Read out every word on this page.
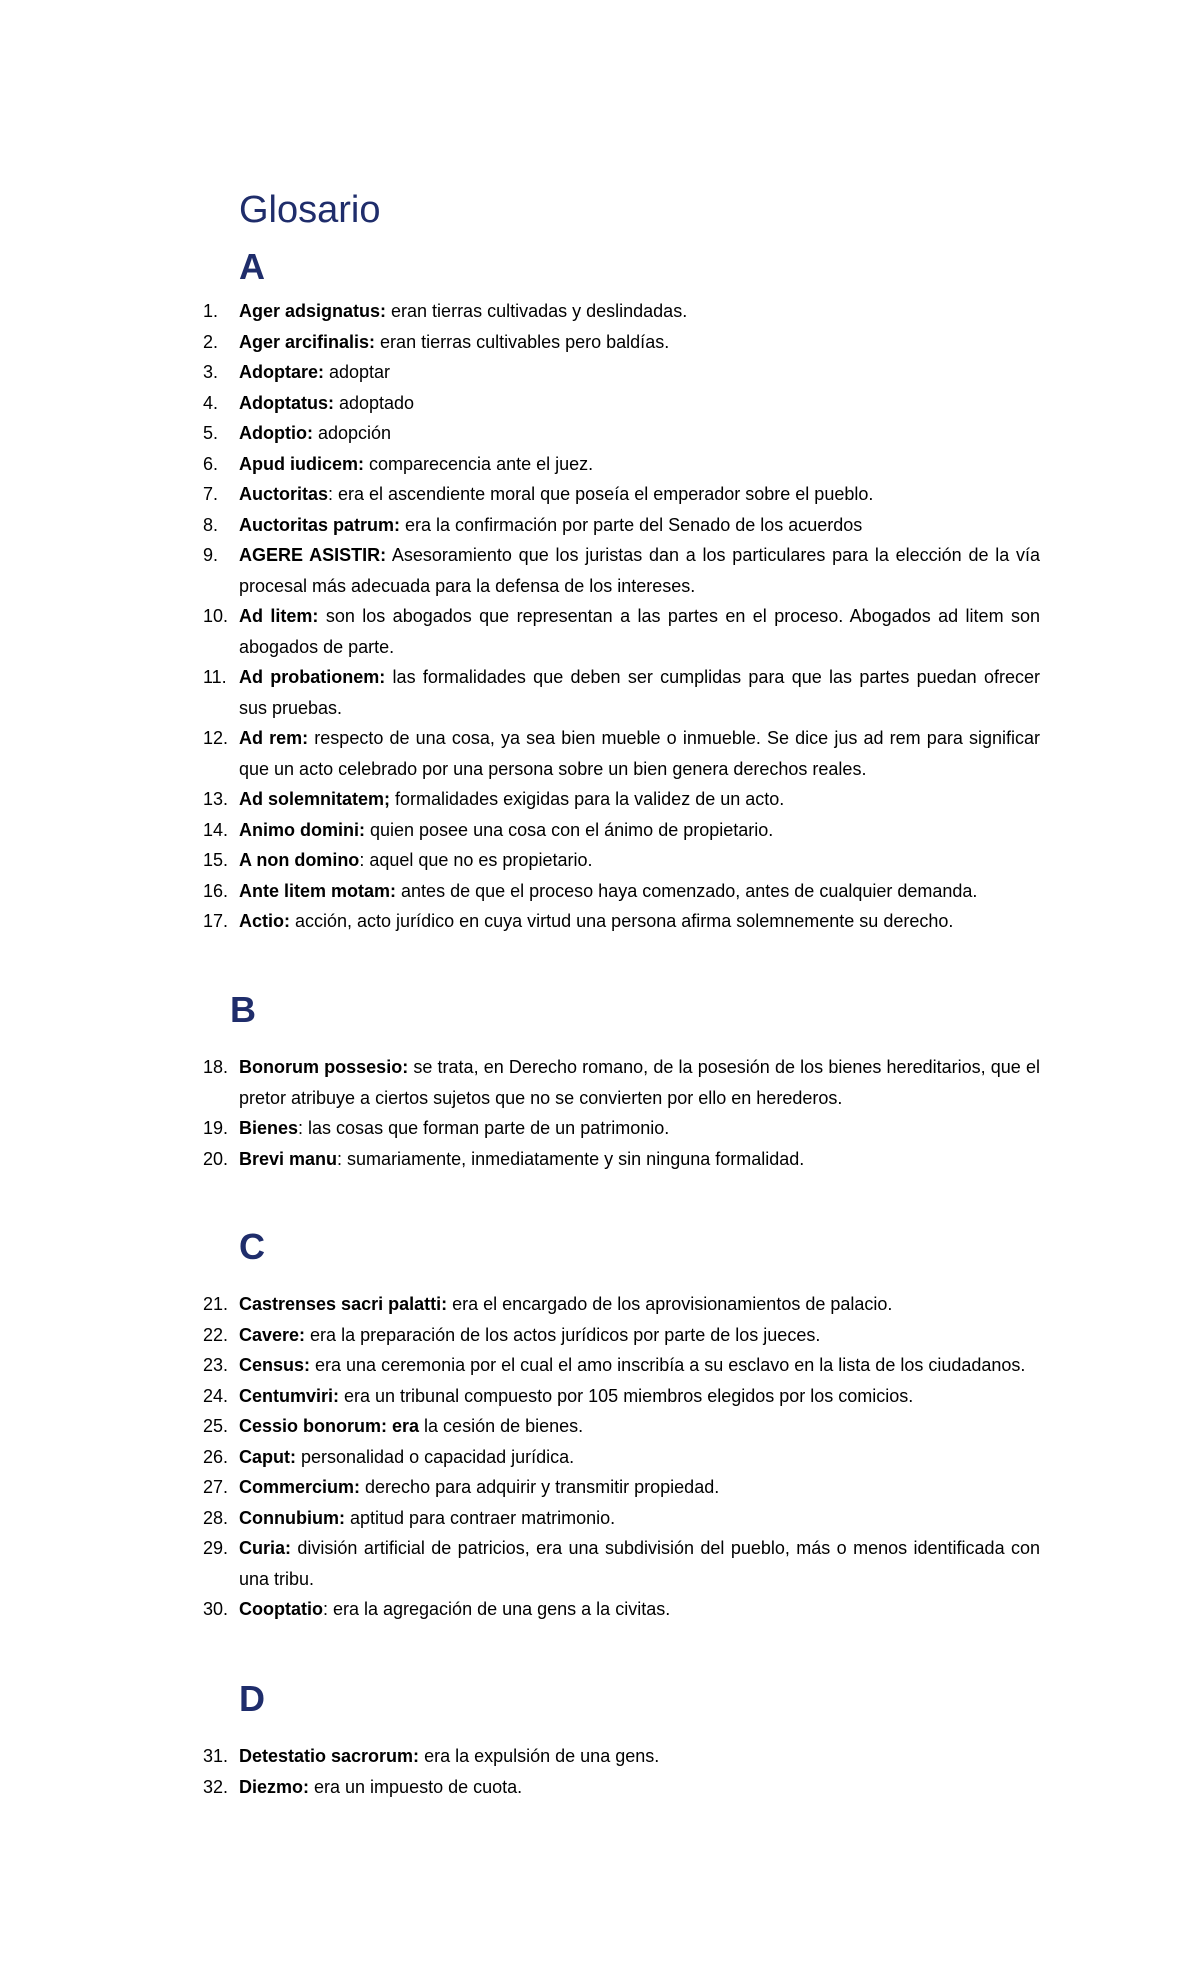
Glosario
A
1.	Ager adsignatus: eran tierras cultivadas y deslindadas.
2.	Ager arcifinalis: eran tierras cultivables pero baldías.
3.	Adoptare: adoptar
4.	Adoptatus: adoptado
5.	Adoptio: adopción
6.	Apud iudicem: comparecencia ante el juez.
7.	Auctoritas: era el ascendiente moral que poseía el emperador sobre el pueblo.
8.	Auctoritas patrum: era la confirmación por parte del Senado de los acuerdos
9.	AGERE ASISTIR: Asesoramiento que los juristas dan a los particulares para la elección de la vía procesal más adecuada para la defensa de los intereses.
10. Ad litem: son los abogados que representan a las partes en el proceso. Abogados ad litem son abogados de parte.
11. Ad probationem: las formalidades que deben ser cumplidas para que las partes puedan ofrecer sus pruebas.
12. Ad rem: respecto de una cosa, ya sea bien mueble o inmueble. Se dice jus ad rem para significar que un acto celebrado por una persona sobre un bien genera derechos reales.
13. Ad solemnitatem; formalidades exigidas para la validez de un acto.
14. Animo domini: quien posee una cosa con el ánimo de propietario.
15. A non domino: aquel que no es propietario.
16. Ante litem motam: antes de que el proceso haya comenzado, antes de cualquier demanda.
17. Actio: acción, acto jurídico en cuya virtud una persona afirma solemnemente su derecho.
B
18. Bonorum possesio: se trata, en Derecho romano, de la posesión de los bienes hereditarios, que el pretor atribuye a ciertos sujetos que no se convierten por ello en herederos.
19. Bienes: las cosas que forman parte de un patrimonio.
20. Brevi manu: sumariamente, inmediatamente y sin ninguna formalidad.
C
21. Castrenses sacri palatti: era el encargado de los aprovisionamientos de palacio.
22. Cavere: era la preparación de los actos jurídicos por parte de los jueces.
23. Census: era una ceremonia por el cual el amo inscribía a su esclavo en la lista de los ciudadanos.
24. Centumviri: era un tribunal compuesto por 105 miembros elegidos por los comicios.
25. Cessio bonorum: era la cesión de bienes.
26. Caput: personalidad o capacidad jurídica.
27. Commercium: derecho para adquirir y transmitir propiedad.
28. Connubium: aptitud para contraer matrimonio.
29. Curia: división artificial de patricios, era una subdivisión del pueblo, más o menos identificada con una tribu.
30. Cooptatio: era la agregación de una gens a la civitas.
D
31. Detestatio sacrorum: era la expulsión de una gens.
32. Diezmo: era un impuesto de cuota.
